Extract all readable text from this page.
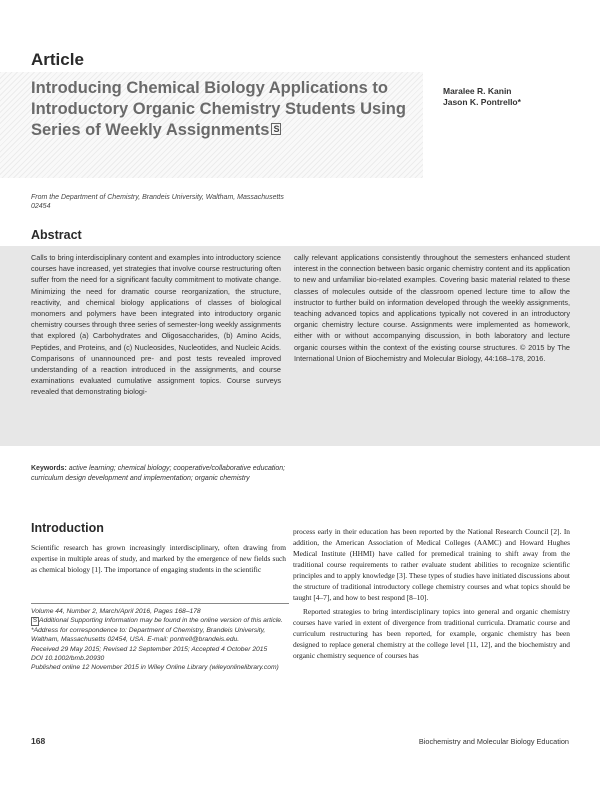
Article
Introducing Chemical Biology Applications to Introductory Organic Chemistry Students Using Series of Weekly Assignments S
Maralee R. Kanin
Jason K. Pontrello*
From the Department of Chemistry, Brandeis University, Waltham, Massachusetts 02454
Abstract
Calls to bring interdisciplinary content and examples into introductory science courses have increased, yet strategies that involve course restructuring often suffer from the need for a significant faculty commitment to motivate change. Minimizing the need for dramatic course reorganization, the structure, reactivity, and chemical biology applications of classes of biological monomers and polymers have been integrated into introductory organic chemistry courses through three series of semester-long weekly assignments that explored (a) Carbohydrates and Oligosaccharides, (b) Amino Acids, Peptides, and Proteins, and (c) Nucleosides, Nucleotides, and Nucleic Acids. Comparisons of unannounced pre- and post tests revealed improved understanding of a reaction introduced in the assignments, and course examinations evaluated cumulative assignment topics. Course surveys revealed that demonstrating biologi-
cally relevant applications consistently throughout the semesters enhanced student interest in the connection between basic organic chemistry content and its application to new and unfamiliar bio-related examples. Covering basic material related to these classes of molecules outside of the classroom opened lecture time to allow the instructor to further build on information developed through the weekly assignments, teaching advanced topics and applications typically not covered in an introductory organic chemistry lecture course. Assignments were implemented as homework, either with or without accompanying discussion, in both laboratory and lecture organic courses within the context of the existing course structures. © 2015 by The International Union of Biochemistry and Molecular Biology, 44:168–178, 2016.
Keywords: active learning; chemical biology; cooperative/collaborative education; curriculum design development and implementation; organic chemistry
Introduction

Scientific research has grown increasingly interdisciplinary, often drawing from expertise in multiple areas of study, and marked by the emergence of new fields such as chemical biology [1]. The importance of engaging students in the scientific

process early in their education has been reported by the National Research Council [2]. In addition, the American Association of Medical Colleges (AAMC) and Howard Hughes Medical Institute (HHMI) have called for premedical training to shift away from the traditional course requirements to rather evaluate student abilities to recognize scientific principles and to apply knowledge [3]. These types of studies have initiated discussions about the structure of traditional introductory college chemistry courses and what topics should be taught [4–7], and how to best respond [8–10].

Reported strategies to bring interdisciplinary topics into general and organic chemistry courses have varied in extent of divergence from traditional curricula. Dramatic course and curriculum restructuring has been reported, for example, organic chemistry has been designed to replace general chemistry at the college level [11, 12], and the biochemistry and organic chemistry sequence of courses has

Volume 44, Number 2, March/April 2016, Pages 168–178
S Additional Supporting Information may be found in the online version of this article.
*Address for correspondence to: Department of Chemistry, Brandeis University, Waltham, Massachusetts 02454, USA. E-mail: pontrell@brandeis.edu.
Received 29 May 2015; Revised 12 September 2015; Accepted 4 October 2015
DOI 10.1002/bmb.20930
Published online 12 November 2015 in Wiley Online Library (wileyonlinelibrary.com)
168	Biochemistry and Molecular Biology Education
